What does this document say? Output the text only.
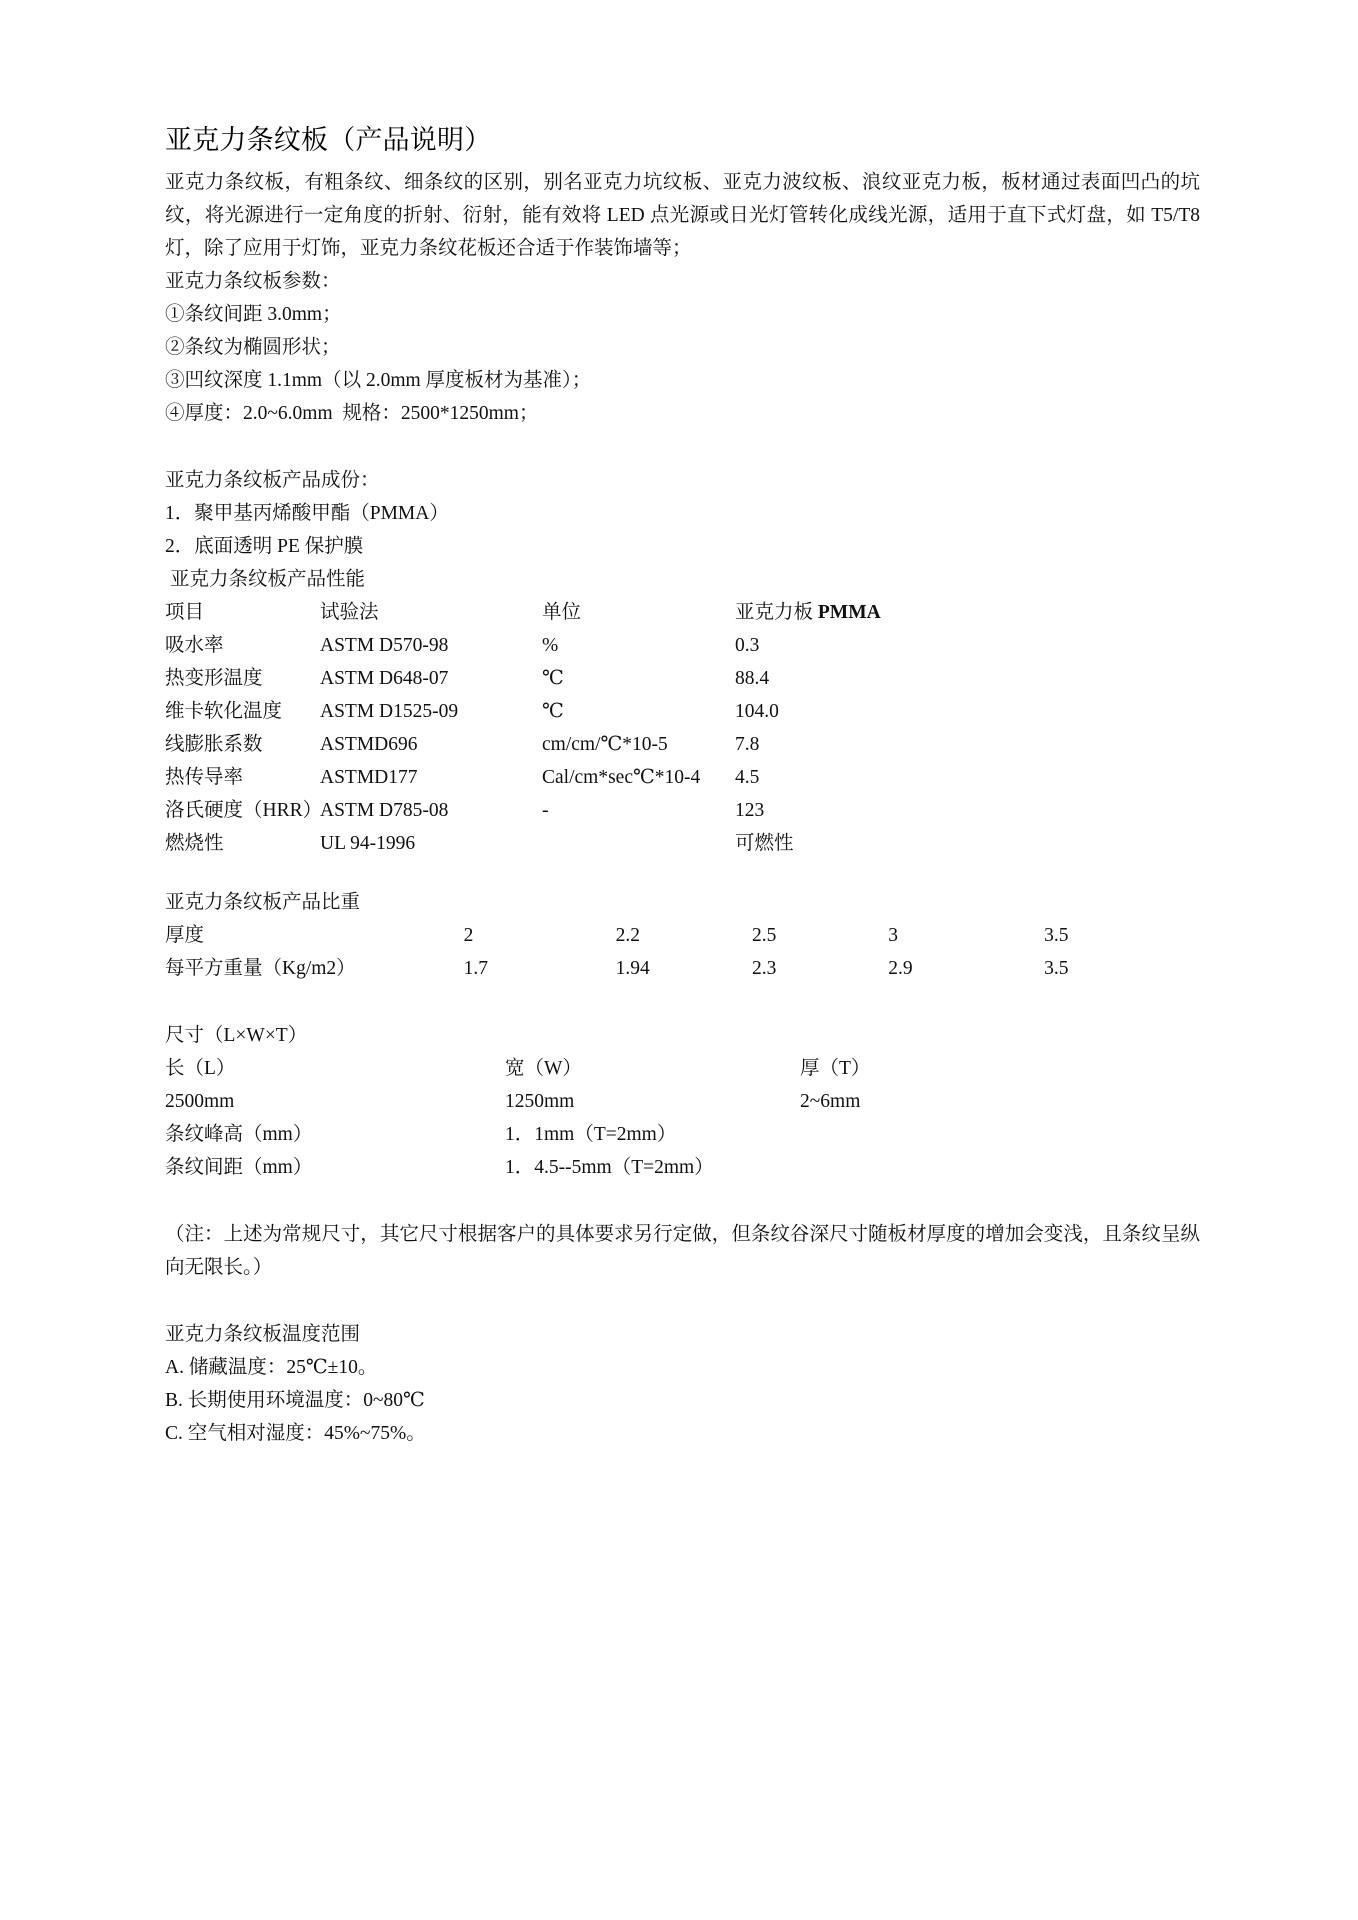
亚克力条纹板（产品说明）

亚克力条纹板，有粗条纹、细条纹的区别，别名亚克力坑纹板、亚克力波纹板、浪纹亚克力板，板材通过表面凹凸的坑纹，将光源进行一定角度的折射、衍射，能有效将 LED 点光源或日光灯管转化成线光源，适用于直下式灯盘，如 T5/T8 灯，除了应用于灯饰，亚克力条纹花板还合适于作装饰墙等；

亚克力条纹板参数：

①条纹间距 3.0mm；

②条纹为椭圆形状；

③凹纹深度 1.1mm（以 2.0mm 厚度板材为基准）；

④厚度：2.0~6.0mm  规格：2500*1250mm；

亚克力条纹板产品成份：

1．聚甲基丙烯酸甲酯（PMMA）

2．底面透明 PE 保护膜

亚克力条纹板产品性能

项目	试验法	单位	亚克力板 PMMA
吸水率	ASTM D570-98	%	0.3
热变形温度	ASTM D648-07	℃	88.4
维卡软化温度	ASTM D1525-09	℃	104.0
线膨胀系数	ASTMD696	cm/cm/℃*10-5	7.8
热传导率	ASTMD177	Cal/cm*sec℃*10-4	4.5
洛氏硬度（HRR）	ASTM D785-08	-	123
燃烧性	UL 94-1996		可燃性

亚克力条纹板产品比重

厚度	2	2.2	2.5	3	3.5
每平方重量（Kg/m2）	1.7	1.94	2.3	2.9	3.5

尺寸（L×W×T）

长（L）	宽（W）	厚（T）
2500mm	1250mm	2~6mm
条纹峰高（mm）	1．1mm（T=2mm）	
条纹间距（mm）	1．4.5--5mm（T=2mm）	

（注：上述为常规尺寸，其它尺寸根据客户的具体要求另行定做，但条纹谷深尺寸随板材厚度的增加会变浅，且条纹呈纵向无限长。）

亚克力条纹板温度范围

A. 储藏温度：25℃±10。

B. 长期使用环境温度：0~80℃

C. 空气相对湿度：45%~75%。
